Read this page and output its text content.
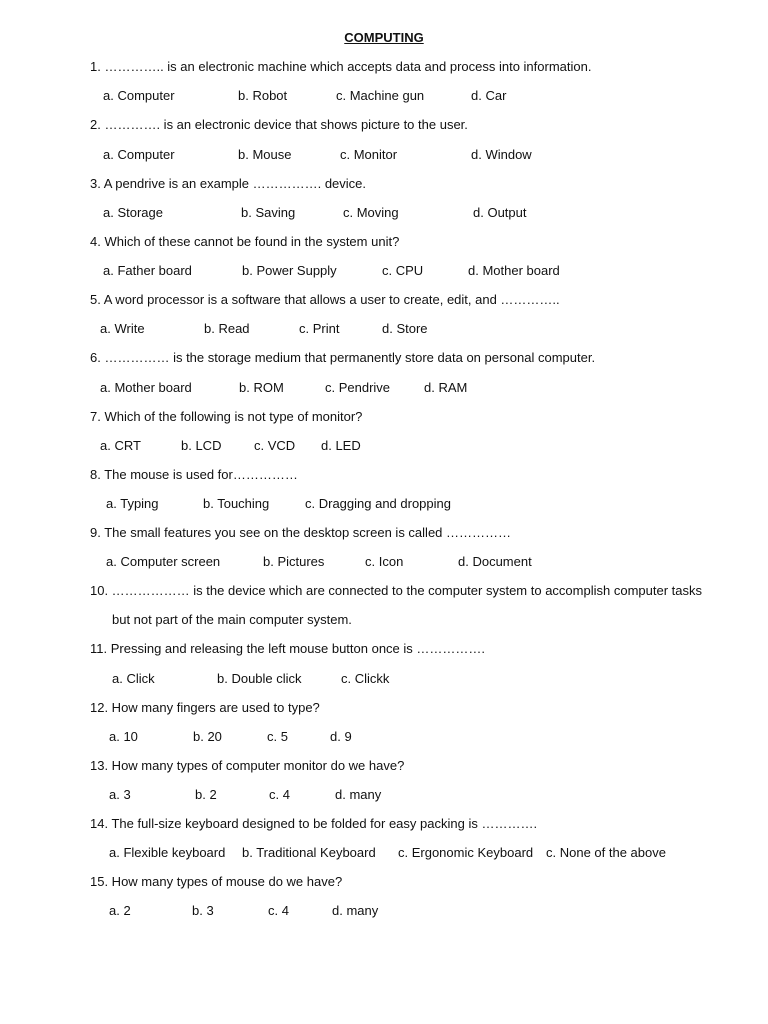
COMPUTING
1. ………….. is an electronic machine which accepts data and process into information.
a. Computer	b. Robot	c. Machine gun	d. Car
2. …………. is an electronic device that shows picture to the user.
a. Computer	b. Mouse	c. Monitor	d. Window
3. A pendrive is an example ……………. device.
a. Storage	b. Saving	c. Moving	d. Output
4. Which of these cannot be found in the system unit?
a. Father board	b. Power Supply	c. CPU	d. Mother board
5. A word processor is a software that allows a user to create, edit, and …………..
a. Write	b. Read	c. Print	d. Store
6. …………… is the storage medium that permanently store data on personal computer.
a. Mother board	b. ROM	c. Pendrive	d. RAM
7. Which of the following is not type of monitor?
a. CRT	b. LCD	c. VCD d. LED
8. The mouse is used for……………
a. Typing	b. Touching	c. Dragging and dropping
9. The small features you see on the desktop screen is called ……………
a. Computer screen	b. Pictures	c. Icon	d. Document
10. ……………… is the device which are connected to the computer system to accomplish computer tasks
but not part of the main computer system.
11. Pressing and releasing the left mouse button once is …………….
a. Click	b. Double click	c. Clickk
12. How many fingers are used to type?
a. 10	b. 20	c. 5	d. 9
13. How many types of computer monitor do we have?
a. 3	b. 2	c. 4	d. many
14. The full-size keyboard designed to be folded for easy packing is ………….
a. Flexible keyboard b. Traditional Keyboard c. Ergonomic Keyboard c. None of the above
15. How many types of mouse do we have?
a. 2	b. 3	c. 4	d. many
